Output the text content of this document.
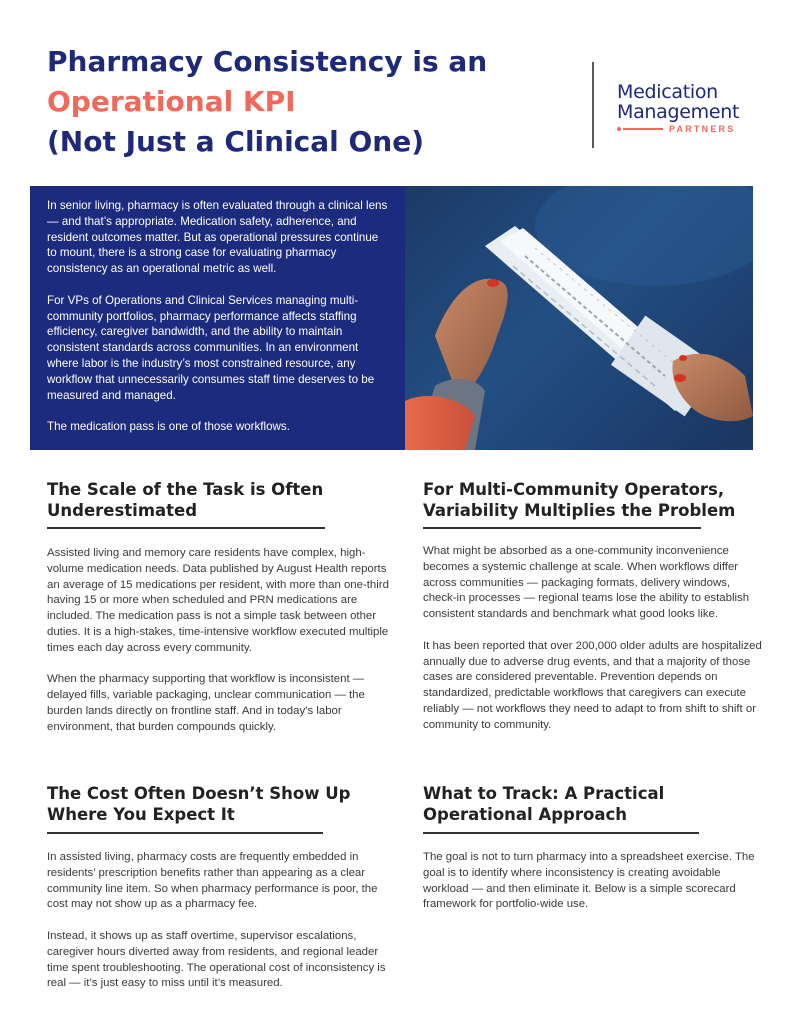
Pharmacy Consistency is an
Operational KPI
(Not Just a Clinical One)
Medication
Management
PARTNERS

In senior living, pharmacy is often evaluated through a clinical lens — and that’s appropriate. Medication safety, adherence, and resident outcomes matter. But as operational pressures continue to mount, there is a strong case for evaluating pharmacy consistency as an operational metric as well.

For VPs of Operations and Clinical Services managing multi-community portfolios, pharmacy performance affects staffing efficiency, caregiver bandwidth, and the ability to maintain consistent standards across communities. In an environment where labor is the industry’s most constrained resource, any workflow that unnecessarily consumes staff time deserves to be measured and managed.

The medication pass is one of those workflows.

The Scale of the Task is Often
Underestimated

Assisted living and memory care residents have complex, high-volume medication needs. Data published by August Health reports an average of 15 medications per resident, with more than one-third having 15 or more when scheduled and PRN medications are included. The medication pass is not a simple task between other duties. It is a high-stakes, time-intensive workflow executed multiple times each day across every community.

When the pharmacy supporting that workflow is inconsistent — delayed fills, variable packaging, unclear communication — the burden lands directly on frontline staff. And in today’s labor environment, that burden compounds quickly.

For Multi-Community Operators,
Variability Multiplies the Problem

What might be absorbed as a one-community inconvenience becomes a systemic challenge at scale. When workflows differ across communities — packaging formats, delivery windows, check-in processes — regional teams lose the ability to establish consistent standards and benchmark what good looks like.

It has been reported that over 200,000 older adults are hospitalized annually due to adverse drug events, and that a majority of those cases are considered preventable. Prevention depends on standardized, predictable workflows that caregivers can execute reliably — not workflows they need to adapt to from shift to shift or community to community.

The Cost Often Doesn’t Show Up
Where You Expect It

In assisted living, pharmacy costs are frequently embedded in residents’ prescription benefits rather than appearing as a clear community line item. So when pharmacy performance is poor, the cost may not show up as a pharmacy fee.

Instead, it shows up as staff overtime, supervisor escalations, caregiver hours diverted away from residents, and regional leader time spent troubleshooting. The operational cost of inconsistency is real — it’s just easy to miss until it’s measured.

What to Track: A Practical
Operational Approach

The goal is not to turn pharmacy into a spreadsheet exercise. The goal is to identify where inconsistency is creating avoidable workload — and then eliminate it. Below is a simple scorecard framework for portfolio-wide use.
